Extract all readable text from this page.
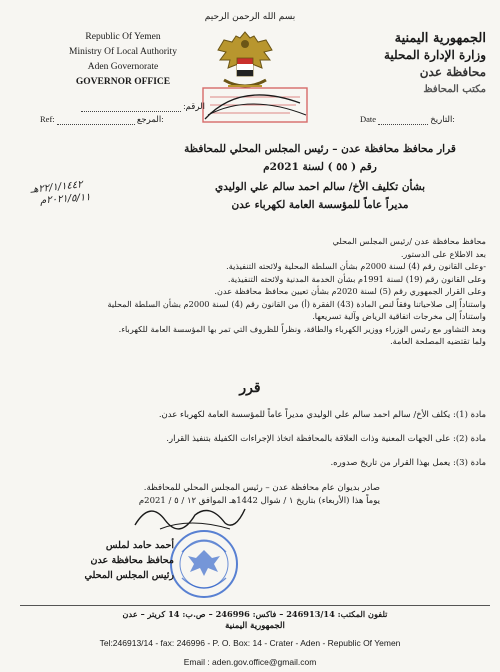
بسم الله الرحمن الرحيم
Republic Of Yemen
Ministry Of Local Authority
Aden Governorate
GOVERNOR OFFICE
الجمهورية اليمنية
وزارة الإدارة المحلية
محافظة عدن
مكتب المحافظ
الرقم:
Ref:	المرجع:	Date	التاريخ:
قرار محافظ محافظة عدن – رئيس المجلس المحلي للمحافظة
رقم ( ٥٥ ) لسنة 2021م
بشأن تكليف الأخ/ سالم احمد سالم علي الوليدي
مديراً عاماً للمؤسسة العامة لكهرباء عدن
٢٢/١/١٤٤٢هـ
٢٠٢١/٥/١١م

محافظ محافظة عدن /رئيس المجلس المحلي

بعد الاطلاع على الدستور.

-وعلى القانون رقم (4) لسنة 2000م بشأن السلطة المحلية ولائحته التنفيذية.

وعلى القانون رقم (19) لسنة 1991م بشأن الخدمة المدنية ولائحته التنفيذية.

وعلى القرار الجمهوري رقم (5) لسنة 2020م بشأن تعيين محافظ محافظة عدن.

واستناداً إلى صلاحياتنا وفقاً لنص المادة (43) الفقرة (أ) من القانون رقم (4) لسنة 2000م بشأن السلطة المحلية

واستناداً إلى مخرجات اتفاقية الرياض وآلية تسريعها.

وبعد التشاور مع رئيس الوزراء ووزير الكهرباء والطاقة، ونظراً للظروف التي تمر بها المؤسسة العامة للكهرباء.

ولما تقتضيه المصلحة العامة.

قرر

مادة (1): يكلف الأخ/ سالم احمد سالم علي الوليدي مديراً عاماً للمؤسسة العامة لكهرباء عدن.

مادة (2): على الجهات المعنية وذات العلاقة بالمحافظة اتخاذ الإجراءات الكفيلة بتنفيذ القرار.

مادة (3): يعمل بهذا القرار من تاريخ صدوره.

صادر بديوان عام محافظة عدن – رئيس المجلس المحلي للمحافظة.
يوماً هذا (الأربعاء) بتاريخ ١ / شوال 1442هـ الموافق ١٢ / ٥ / 2021م
أحمد حامد لملس
محافظ محافظة عدن
رئيس المجلس المحلي
تلفون المكتب: 246913/14 – فاكس: 246996 – ص.ب: 14 كريتر – عدن
الجمهورية اليمنية
Tel:246913/14 - fax: 246996 - P. O. Box: 14 - Crater - Aden - Republic Of Yemen
Email : aden.gov.office@gmail.com
